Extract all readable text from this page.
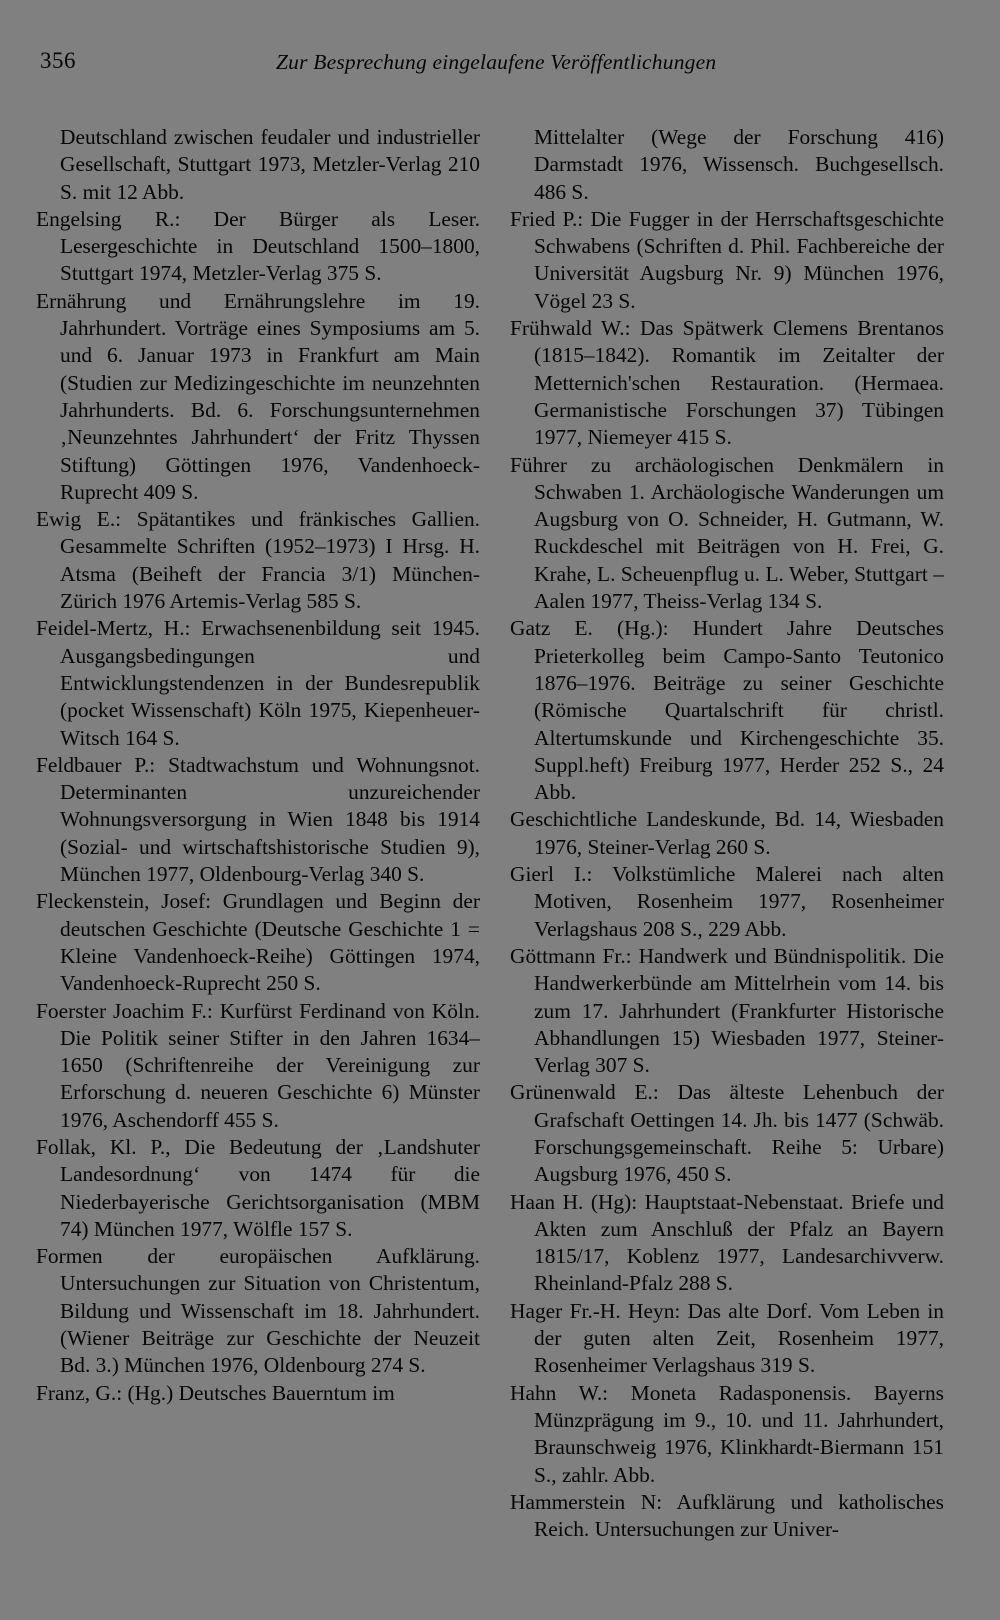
356	Zur Besprechung eingelaufene Veröffentlichungen

Deutschland zwischen feudaler und industrieller Gesellschaft, Stuttgart 1973, Metzler-Verlag 210 S. mit 12 Abb.

Engelsing R.: Der Bürger als Leser. Lesergeschichte in Deutschland 1500–1800, Stuttgart 1974, Metzler-Verlag 375 S.

Ernährung und Ernährungslehre im 19. Jahrhundert. Vorträge eines Symposiums am 5. und 6. Januar 1973 in Frankfurt am Main (Studien zur Medizingeschichte im neunzehnten Jahrhunderts. Bd. 6. Forschungsunternehmen ‚Neunzehntes Jahrhundert‘ der Fritz Thyssen Stiftung) Göttingen 1976, Vandenhoeck-Ruprecht 409 S.

Ewig E.: Spätantikes und fränkisches Gallien. Gesammelte Schriften (1952–1973) I Hrsg. H. Atsma (Beiheft der Francia 3/1) München-Zürich 1976 Artemis-Verlag 585 S.

Feidel-Mertz, H.: Erwachsenenbildung seit 1945. Ausgangsbedingungen und Entwicklungstendenzen in der Bundesrepublik (pocket Wissenschaft) Köln 1975, Kiepenheuer-Witsch 164 S.

Feldbauer P.: Stadtwachstum und Wohnungsnot. Determinanten unzureichender Wohnungsversorgung in Wien 1848 bis 1914 (Sozial- und wirtschaftshistorische Studien 9), München 1977, Oldenbourg-Verlag 340 S.

Fleckenstein, Josef: Grundlagen und Beginn der deutschen Geschichte (Deutsche Geschichte 1 = Kleine Vandenhoeck-Reihe) Göttingen 1974, Vandenhoeck-Ruprecht 250 S.

Foerster Joachim F.: Kurfürst Ferdinand von Köln. Die Politik seiner Stifter in den Jahren 1634–1650 (Schriftenreihe der Vereinigung zur Erforschung d. neueren Geschichte 6) Münster 1976, Aschendorff 455 S.

Follak, Kl. P., Die Bedeutung der ‚Landshuter Landesordnung‘ von 1474 für die Niederbayerische Gerichtsorganisation (MBM 74) München 1977, Wölfle 157 S.

Formen der europäischen Aufklärung. Untersuchungen zur Situation von Christentum, Bildung und Wissenschaft im 18. Jahrhundert. (Wiener Beiträge zur Geschichte der Neuzeit Bd. 3.) München 1976, Oldenbourg 274 S.

Franz, G.: (Hg.) Deutsches Bauerntum im

Mittelalter (Wege der Forschung 416) Darmstadt 1976, Wissensch. Buchgesellsch. 486 S.

Fried P.: Die Fugger in der Herrschaftsgeschichte Schwabens (Schriften d. Phil. Fachbereiche der Universität Augsburg Nr. 9) München 1976, Vögel 23 S.

Frühwald W.: Das Spätwerk Clemens Brentanos (1815–1842). Romantik im Zeitalter der Metternich'schen Restauration. (Hermaea. Germanistische Forschungen 37) Tübingen 1977, Niemeyer 415 S.

Führer zu archäologischen Denkmälern in Schwaben 1. Archäologische Wanderungen um Augsburg von O. Schneider, H. Gutmann, W. Ruckdeschel mit Beiträgen von H. Frei, G. Krahe, L. Scheuenpflug u. L. Weber, Stuttgart – Aalen 1977, Theiss-Verlag 134 S.

Gatz E. (Hg.): Hundert Jahre Deutsches Prieterkolleg beim Campo-Santo Teutonico 1876–1976. Beiträge zu seiner Geschichte (Römische Quartalschrift für christl. Altertumskunde und Kirchengeschichte 35. Suppl.heft) Freiburg 1977, Herder 252 S., 24 Abb.

Geschichtliche Landeskunde, Bd. 14, Wiesbaden 1976, Steiner-Verlag 260 S.

Gierl I.: Volkstümliche Malerei nach alten Motiven, Rosenheim 1977, Rosenheimer Verlagshaus 208 S., 229 Abb.

Göttmann Fr.: Handwerk und Bündnispolitik. Die Handwerkerbünde am Mittelrhein vom 14. bis zum 17. Jahrhundert (Frankfurter Historische Abhandlungen 15) Wiesbaden 1977, Steiner-Verlag 307 S.

Grünenwald E.: Das älteste Lehenbuch der Grafschaft Oettingen 14. Jh. bis 1477 (Schwäb. Forschungsgemeinschaft. Reihe 5: Urbare) Augsburg 1976, 450 S.

Haan H. (Hg): Hauptstaat-Nebenstaat. Briefe und Akten zum Anschluß der Pfalz an Bayern 1815/17, Koblenz 1977, Landesarchivverw. Rheinland-Pfalz 288 S.

Hager Fr.-H. Heyn: Das alte Dorf. Vom Leben in der guten alten Zeit, Rosenheim 1977, Rosenheimer Verlagshaus 319 S.

Hahn W.: Moneta Radasponensis. Bayerns Münzprägung im 9., 10. und 11. Jahrhundert, Braunschweig 1976, Klinkhardt-Biermann 151 S., zahlr. Abb.

Hammerstein N: Aufklärung und katholisches Reich. Untersuchungen zur Univer-
